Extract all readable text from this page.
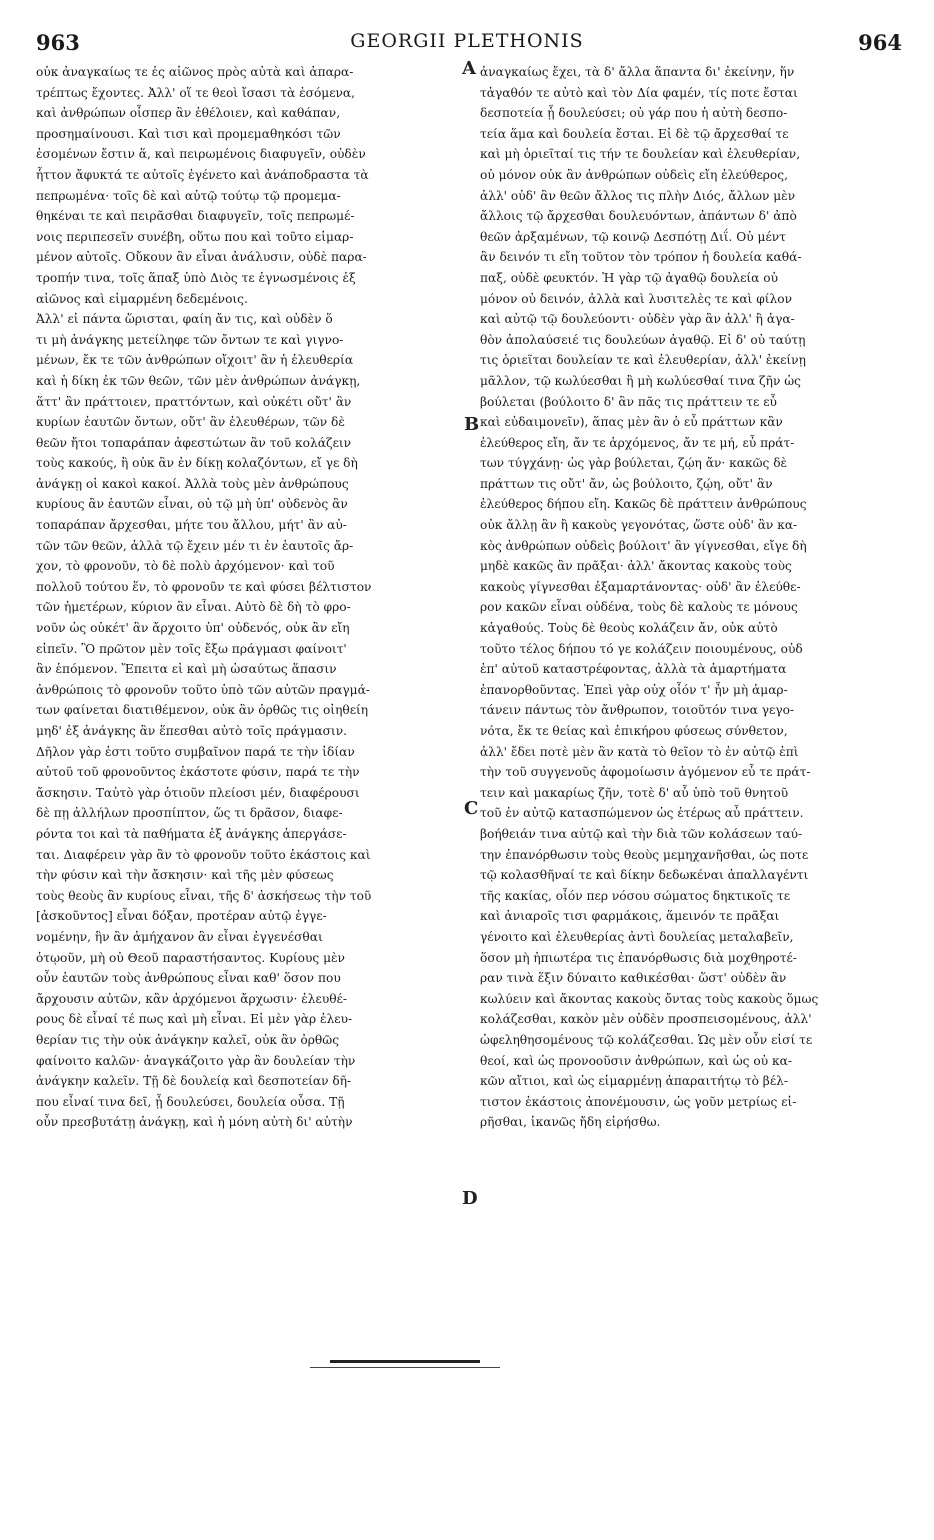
963	GEORGII PLETHONIS	964
οὐκ ἀναγκαίως τε ἐς αἰῶνος πρὸς αὐτὰ καὶ ἀπαρα-
τρέπτως ἔχοντες. Ἀλλ' οἵ τε θεοὶ ἴσασι τὰ ἐσόμενα,
καὶ ἀνθρώπων οἷσπερ ἂν ἐθέλοιεν, καὶ καθάπαν,
προσημαίνουσι. Καὶ τισι καὶ προμεμαθηκόσι τῶν
ἐσομένων ἔστιν ἅ, καὶ πειρωμένοις διαφυγεῖν, οὐδὲν
ἧττον ἄφυκτά τε αὐτοῖς ἐγένετο καὶ ἀνάποδραστα τὰ
πεπρωμένα· τοῖς δὲ καὶ αὐτῷ τούτῳ τῷ προμεμα-
θηκέναι τε καὶ πειρᾶσθαι διαφυγεῖν, τοῖς πεπρωμέ-
νοις περιπεσεῖν συνέβη, οὕτω που καὶ τοῦτο εἱμαρ-
μένον αὐτοῖς. Οὔκουν ἂν εἶναι ἀνάλυσιν, οὐδὲ παρα-
τροπήν τινα, τοῖς ἅπαξ ὑπὸ Διὸς τε ἐγνωσμένοις ἐξ
αἰῶνος καὶ εἱμαρμένη δεδεμένοις.
Ἀλλ' εἰ πάντα ὥρισται, φαίη ἄν τις, καὶ οὐδὲν ὅ
τι μὴ ἀνάγκης μετείληφε τῶν ὄντων τε καὶ γιγνο-
μένων, ἔκ τε τῶν ἀνθρώπων οἴχοιτ' ἂν ἡ ἐλευθερία
καὶ ἡ δίκη ἐκ τῶν θεῶν, τῶν μὲν ἀνθρώπων ἀνάγκῃ,
ἅττ' ἂν πράττοιεν, πραττόντων, καὶ οὐκέτι οὔτ' ἂν
κυρίων ἑαυτῶν ὄντων, οὔτ' ἂν ἐλευθέρων, τῶν δὲ
θεῶν ἤτοι τοπαράπαν ἀφεστώτων ἂν τοῦ κολάζειν
τοὺς κακούς, ἢ οὐκ ἂν ἐν δίκῃ κολαζόντων, εἴ γε δὴ
ἀνάγκῃ οἱ κακοὶ κακοί. Ἀλλὰ τοὺς μὲν ἀνθρώπους
κυρίους ἂν ἑαυτῶν εἶναι, οὐ τῷ μὴ ὑπ' οὐδενὸς ἂν
τοπαράπαν ἄρχεσθαι, μήτε του ἄλλου, μήτ' ἂν αὐ-
τῶν τῶν θεῶν, ἀλλὰ τῷ ἔχειν μέν τι ἐν ἑαυτοῖς ἄρ-
χον, τὸ φρονοῦν, τὸ δὲ πολὺ ἀρχόμενον· καὶ τοῦ
πολλοῦ τούτου ἕν, τὸ φρονοῦν τε καὶ φύσει βέλτιστον
τῶν ἡμετέρων, κύριον ἂν εἶναι. Αὐτὸ δὲ δὴ τὸ φρο-
νοῦν ὡς οὐκέτ' ἂν ἄρχοιτο ὑπ' οὐδενός, οὐκ ἂν εἴη
εἰπεῖν. Ὃ πρῶτον μὲν τοῖς ἔξω πράγμασι φαίνοιτ'
ἂν ἑπόμενον. Ἔπειτα εἰ καὶ μὴ ὡσαύτως ἅπασιν
ἀνθρώποις τὸ φρονοῦν τοῦτο ὑπὸ τῶν αὐτῶν πραγμά-
των φαίνεται διατιθέμενον, οὐκ ἂν ὀρθῶς τις οἰηθείη
μηδ' ἐξ ἀνάγκης ἂν ἕπεσθαι αὐτὸ τοῖς πράγμασιν.
Δῆλον γὰρ ἐστι τοῦτο συμβαῖνον παρά τε τὴν ἰδίαν
αὐτοῦ τοῦ φρονοῦντος ἑκάστοτε φύσιν, παρά τε τὴν
ἄσκησιν. Ταὐτὸ γὰρ ὁτιοῦν πλείοσι μέν, διαφέρουσι
δὲ πῃ ἀλλήλων προσπίπτον, ὥς τι δρᾶσον, διαφε-
ρόντα τοι καὶ τὰ παθήματα ἐξ ἀνάγκης ἀπεργάσε-
ται. Διαφέρειν γὰρ ἂν τὸ φρονοῦν τοῦτο ἑκάστοις καὶ
τὴν φύσιν καὶ τὴν ἄσκησιν· καὶ τῆς μὲν φύσεως
τοὺς θεοὺς ἂν κυρίους εἶναι, τῆς δ' ἀσκήσεως τὴν τοῦ
[ἀσκοῦντος] εἶναι δόξαν, προτέραν αὐτῷ ἐγγε-
νομένην, ἣν ἂν ἀμήχανον ἂν εἶναι ἐγγενέσθαι
ὁτῳοῦν, μὴ οὐ Θεοῦ παραστήσαντος. Κυρίους μὲν
οὖν ἑαυτῶν τοὺς ἀνθρώπους εἶναι καθ' ὅσον που
ἄρχουσιν αὐτῶν, κἂν ἀρχόμενοι ἄρχωσιν· ἐλευθέ-
ρους δὲ εἶναί τέ πως καὶ μὴ εἶναι. Εἰ μὲν γὰρ ἐλευ-
θερίαν τις τὴν οὐκ ἀνάγκην καλεῖ, οὐκ ἂν ὀρθῶς
φαίνοιτο καλῶν· ἀναγκάζοιτο γὰρ ἂν δουλείαν τὴν
ἀνάγκην καλεῖν. Τῇ δὲ δουλείᾳ καὶ δεσποτείαν δῆ-
που εἶναί τινα δεῖ, ᾗ δουλεύσει, δουλεία οὖσα. Τῇ
οὖν πρεσβυτάτῃ ἀνάγκῃ, καὶ ἡ μόνη αὐτὴ δι' αὑτὴν
ἀναγκαίως ἔχει, τὰ δ' ἄλλα ἅπαντα δι' ἐκείνην, ἥν
τἀγαθόν τε αὐτὸ καὶ τὸν Δία φαμέν, τίς ποτε ἔσται
δεσποτεία ᾗ δουλεύσει; οὐ γάρ που ἡ αὐτὴ δεσπο-
τεία ἅμα καὶ δουλεία ἔσται. Εἰ δὲ τῷ ἄρχεσθαί τε
καὶ μὴ ὁριεῖταί τις τήν τε δουλείαν καὶ ἐλευθερίαν,
οὐ μόνον οὐκ ἂν ἀνθρώπων οὐδεὶς εἴη ἐλεύθερος,
ἀλλ' οὐδ' ἂν θεῶν ἄλλος τις πλὴν Διός, ἄλλων μὲν
ἄλλοις τῷ ἄρχεσθαι δουλευόντων, ἁπάντων δ' ἀπὸ
θεῶν ἀρξαμένων, τῷ κοινῷ Δεσπότῃ Διΐ. Οὐ μέντ
ἂν δεινόν τι εἴη τοῦτον τὸν τρόπον ἡ δουλεία καθά-
παξ, οὐδὲ φευκτόν. Ἡ γὰρ τῷ ἀγαθῷ δουλεία οὐ
μόνον οὐ δεινόν, ἀλλὰ καὶ λυσιτελὲς τε καὶ φίλον
καὶ αὐτῷ τῷ δουλεύοντι· οὐδὲν γὰρ ἂν ἀλλ' ἢ ἀγα-
θὸν ἀπολαύσειέ τις δουλεύων ἀγαθῷ. Εἰ δ' οὐ ταύτῃ
τις ὁριεῖται δουλείαν τε καὶ ἐλευθερίαν, ἀλλ' ἐκείνῃ
μᾶλλον, τῷ κωλύεσθαι ἢ μὴ κωλύεσθαί τινα ζῆν ὡς
βούλεται (βούλοιτο δ' ἂν πᾶς τις πράττειν τε εὖ
καὶ εὐδαιμονεῖν), ἅπας μὲν ἂν ὁ εὖ πράττων κἂν
ἐλεύθερος εἴη, ἄν τε ἀρχόμενος, ἄν τε μή, εὖ πράτ-
των τύγχάνῃ· ὡς γὰρ βούλεται, ζῴη ἄν· κακῶς δὲ
πράττων τις οὔτ' ἄν, ὡς βούλοιτο, ζῴη, οὔτ' ἂν
ἐλεύθερος δήπου εἴη. Κακῶς δὲ πράττειν ἀνθρώπους
οὐκ ἄλλῃ ἂν ἢ κακοὺς γεγονότας, ὥστε οὐδ' ἂν κα-
κὸς ἀνθρώπων οὐδεὶς βούλοιτ' ἂν γίγνεσθαι, εἴγε δὴ
μηδὲ κακῶς ἂν πρᾶξαι· ἀλλ' ἄκοντας κακοὺς τοὺς
κακοὺς γίγνεσθαι ἐξαμαρτάνοντας· οὐδ' ἂν ἐλεύθε-
ρον κακῶν εἶναι οὐδένα, τοὺς δὲ καλοὺς τε μόνους
κἀγαθούς. Τοὺς δὲ θεοὺς κολάζειν ἄν, οὐκ αὐτὸ
τοῦτο τέλος δήπου τό γε κολάζειν ποιουμένους, οὐδ
ἐπ' αὐτοῦ καταστρέφοντας, ἀλλὰ τὰ ἁμαρτήματα
ἐπανορθοῦντας. Ἐπεὶ γὰρ οὐχ οἷόν τ' ἦν μὴ ἁμαρ-
τάνειν πάντως τὸν ἄνθρωπον, τοιοῦτόν τινα γεγο-
νότα, ἔκ τε θείας καὶ ἐπικήρου φύσεως σύνθετον,
ἀλλ' ἔδει ποτὲ μὲν ἂν κατὰ τὸ θεῖον τὸ ἐν αὐτῷ ἐπὶ
τὴν τοῦ συγγενοῦς ἀφομοίωσιν ἀγόμενον εὖ τε πράτ-
τειν καὶ μακαρίως ζῆν, τοτὲ δ' αὖ ὑπὸ τοῦ θνητοῦ
τοῦ ἐν αὐτῷ κατασπώμενον ὡς ἑτέρως αὖ πράττειν.
βοήθειάν τινα αὐτῷ καὶ τὴν διὰ τῶν κολάσεων ταύ-
την ἐπανόρθωσιν τοὺς θεοὺς μεμηχανῆσθαι, ὡς ποτε
τῷ κολασθῆναί τε καὶ δίκην δεδωκέναι ἀπαλλαγέντι
τῆς κακίας, οἷόν περ νόσου σώματος δηκτικοῖς τε
καὶ ἀνιαροῖς τισι φαρμάκοις, ἅμεινόν τε πρᾶξαι
γένοιτο καὶ ἐλευθερίας ἀντὶ δουλείας μεταλαβεῖν,
ὅσον μὴ ἠπιωτέρα τις ἐπανόρθωσις διὰ μοχθηροτέ-
ραν τινὰ ἕξιν δύναιτο καθικέσθαι· ὥστ' οὐδὲν ἂν
κωλύειν καὶ ἄκοντας κακοὺς ὄντας τοὺς κακοὺς ὅμως
κολάζεσθαι, κακὸν μὲν οὐδὲν προσπεισομένους, ἀλλ'
ὠφεληθησομένους τῷ κολάζεσθαι. Ὡς μὲν οὖν εἰσί τε
θεοί, καὶ ὡς προνοοῦσιν ἀνθρώπων, καὶ ὡς οὐ κα-
κῶν αἴτιοι, καὶ ὡς εἱμαρμένῃ ἀπαραιτήτῳ τὸ βέλ-
τιστον ἑκάστοις ἀπονέμουσιν, ὡς γοῦν μετρίως εἰ-
ρῆσθαι, ἱκανῶς ἤδη εἰρήσθω.
A
B
C
D
